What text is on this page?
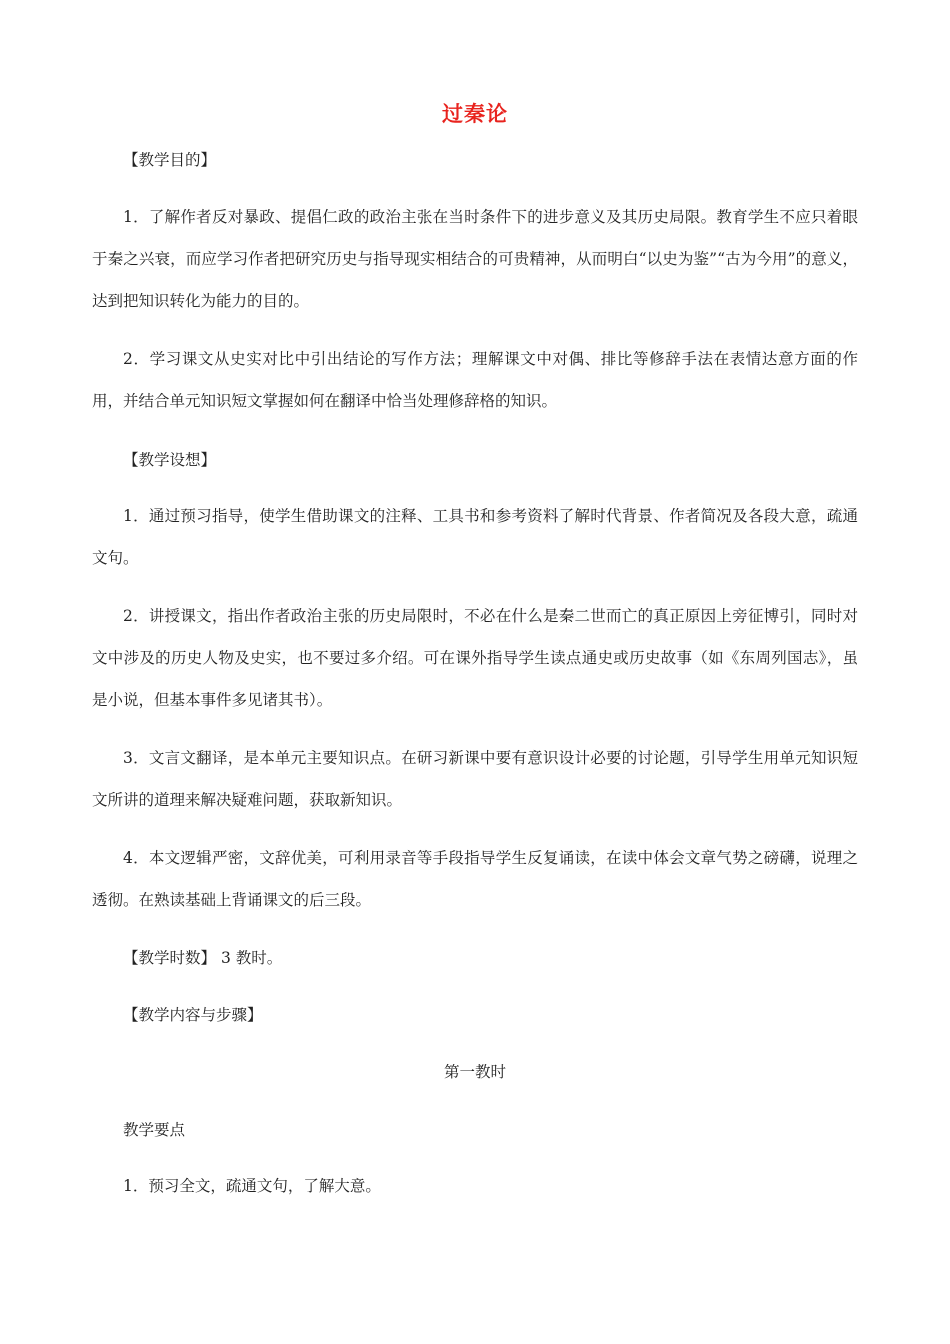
过秦论

【教学目的】

1．了解作者反对暴政、提倡仁政的政治主张在当时条件下的进步意义及其历史局限。教育学生不应只着眼于秦之兴衰，而应学习作者把研究历史与指导现实相结合的可贵精神，从而明白“以史为鉴”“古为今用”的意义，达到把知识转化为能力的目的。

2．学习课文从史实对比中引出结论的写作方法；理解课文中对偶、排比等修辞手法在表情达意方面的作用，并结合单元知识短文掌握如何在翻译中恰当处理修辞格的知识。

【教学设想】

1．通过预习指导，使学生借助课文的注释、工具书和参考资料了解时代背景、作者简况及各段大意，疏通文句。

2．讲授课文，指出作者政治主张的历史局限时，不必在什么是秦二世而亡的真正原因上旁征博引，同时对文中涉及的历史人物及史实，也不要过多介绍。可在课外指导学生读点通史或历史故事（如《东周列国志》，虽是小说，但基本事件多见诸其书）。

3．文言文翻译，是本单元主要知识点。在研习新课中要有意识设计必要的讨论题，引导学生用单元知识短文所讲的道理来解决疑难问题，获取新知识。

4．本文逻辑严密，文辞优美，可利用录音等手段指导学生反复诵读，在读中体会文章气势之磅礴，说理之透彻。在熟读基础上背诵课文的后三段。

【教学时数】 3 教时。

【教学内容与步骤】

第一教时

教学要点

1．预习全文，疏通文句，了解大意。
